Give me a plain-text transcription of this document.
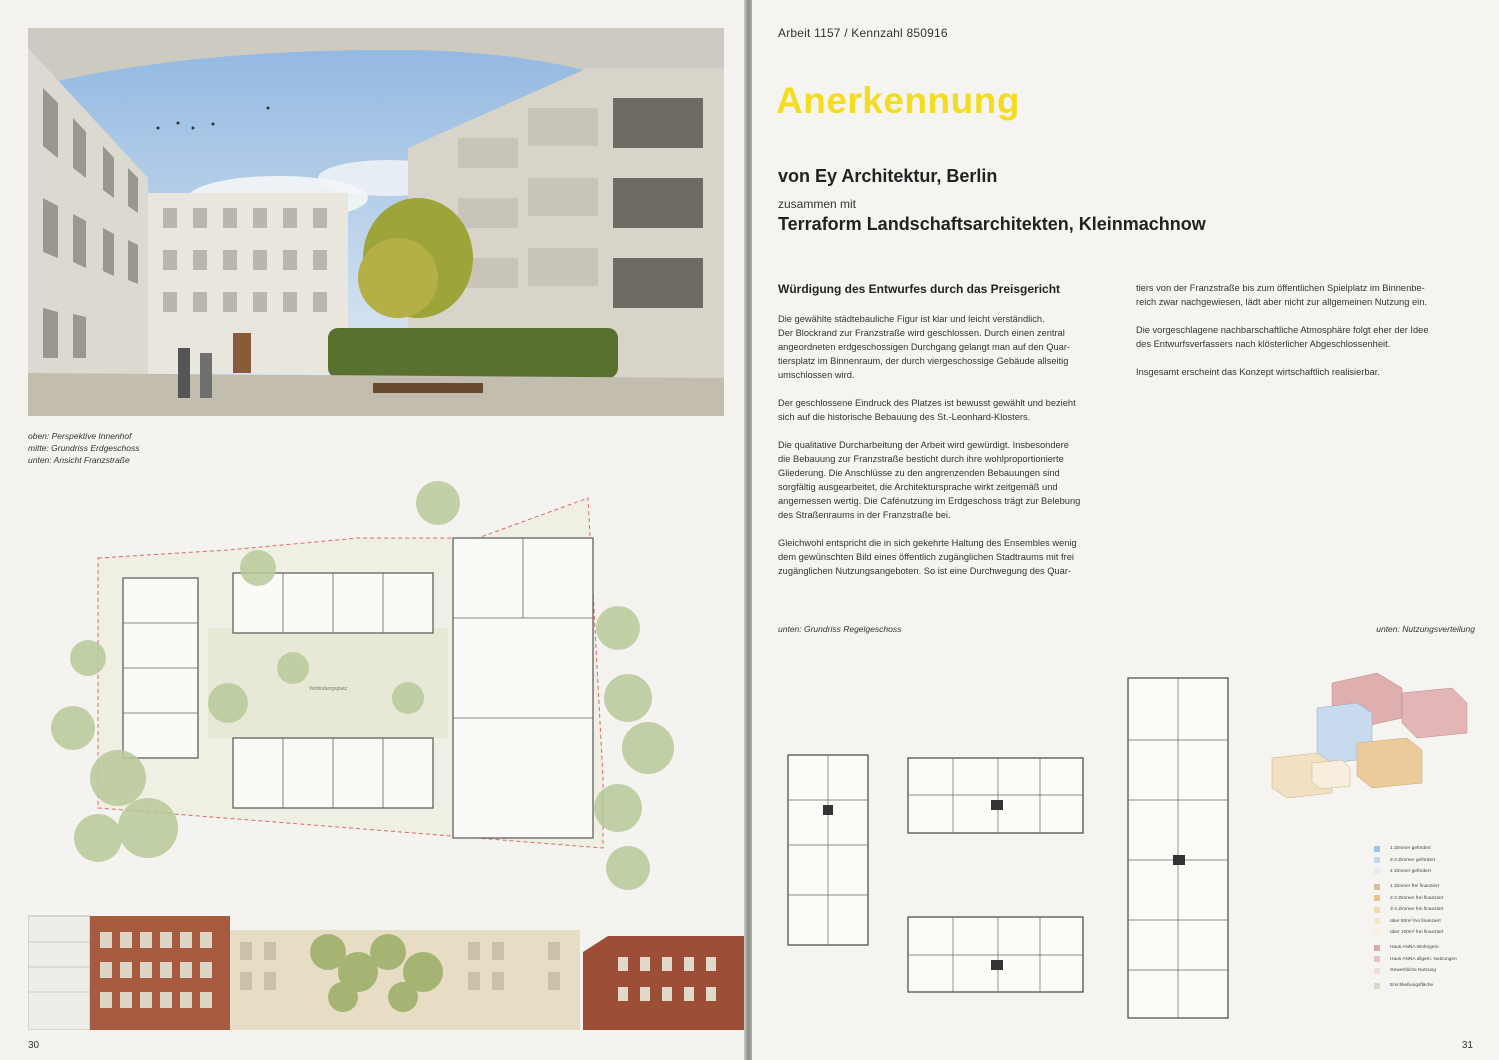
oben: Perspektive Innenhof
mitte: Grundriss Erdgeschoss
unten: Ansicht Franzstraße
Verbindungsplatz
30
Arbeit 1157 / Kennzahl 850916
Anerkennung
von Ey Architektur, Berlin
zusammen mit
Terraform Landschaftsarchitekten, Kleinmachnow
Würdigung des Entwurfes durch das Preisgericht

Die gewählte städtebauliche Figur ist klar und leicht verständlich.
Der Blockrand zur Franzstraße wird geschlossen. Durch einen zentral
angeordneten erdgeschossigen Durchgang gelangt man auf den Quar-
tiersplatz im Binnenraum, der durch viergeschossige Gebäude allseitig
umschlossen wird.

Der geschlossene Eindruck des Platzes ist bewusst gewählt und bezieht
sich auf die historische Bebauung des St.-Leonhard-Klosters.

Die qualitative Durcharbeitung der Arbeit wird gewürdigt. Insbesondere
die Bebauung zur Franzstraße besticht durch ihre wohlproportionierte
Gliederung. Die Anschlüsse zu den angrenzenden Bebauungen sind
sorgfältig ausgearbeitet, die Architektursprache wirkt zeitgemäß und
angemessen wertig. Die Cafénutzung im Erdgeschoss trägt zur Belebung
des Straßenraums in der Franzstraße bei.

Gleichwohl entspricht die in sich gekehrte Haltung des Ensembles wenig
dem gewünschten Bild eines öffentlich zugänglichen Stadtraums mit frei
zugänglichen Nutzungsangeboten. So ist eine Durchwegung des Quar-

tiers von der Franzstraße bis zum öffentlichen Spielplatz im Binnenbe-
reich zwar nachgewiesen, lädt aber nicht zur allgemeinen Nutzung ein.

Die vorgeschlagene nachbarschaftliche Atmosphäre folgt eher der Idee
des Entwurfsverfassers nach klösterlicher Abgeschlossenheit.

Insgesamt erscheint das Konzept wirtschaftlich realisierbar.

unten: Grundriss Regelgeschoss	unten: Nutzungsverteilung
1 Zimmer gefördert
2-3 Zimmer gefördert
4 Zimmer gefördert
1 Zimmer frei finanziert
2-3 Zimmer frei finanziert
3-4 Zimmer frei finanziert
über 80m² frei finanziert
über 100m² frei finanziert
Haus ANNA Wohngem.
Haus ANNA allgem. Nutzungen
Gewerbliche Nutzung
Erschließungsfläche
31
